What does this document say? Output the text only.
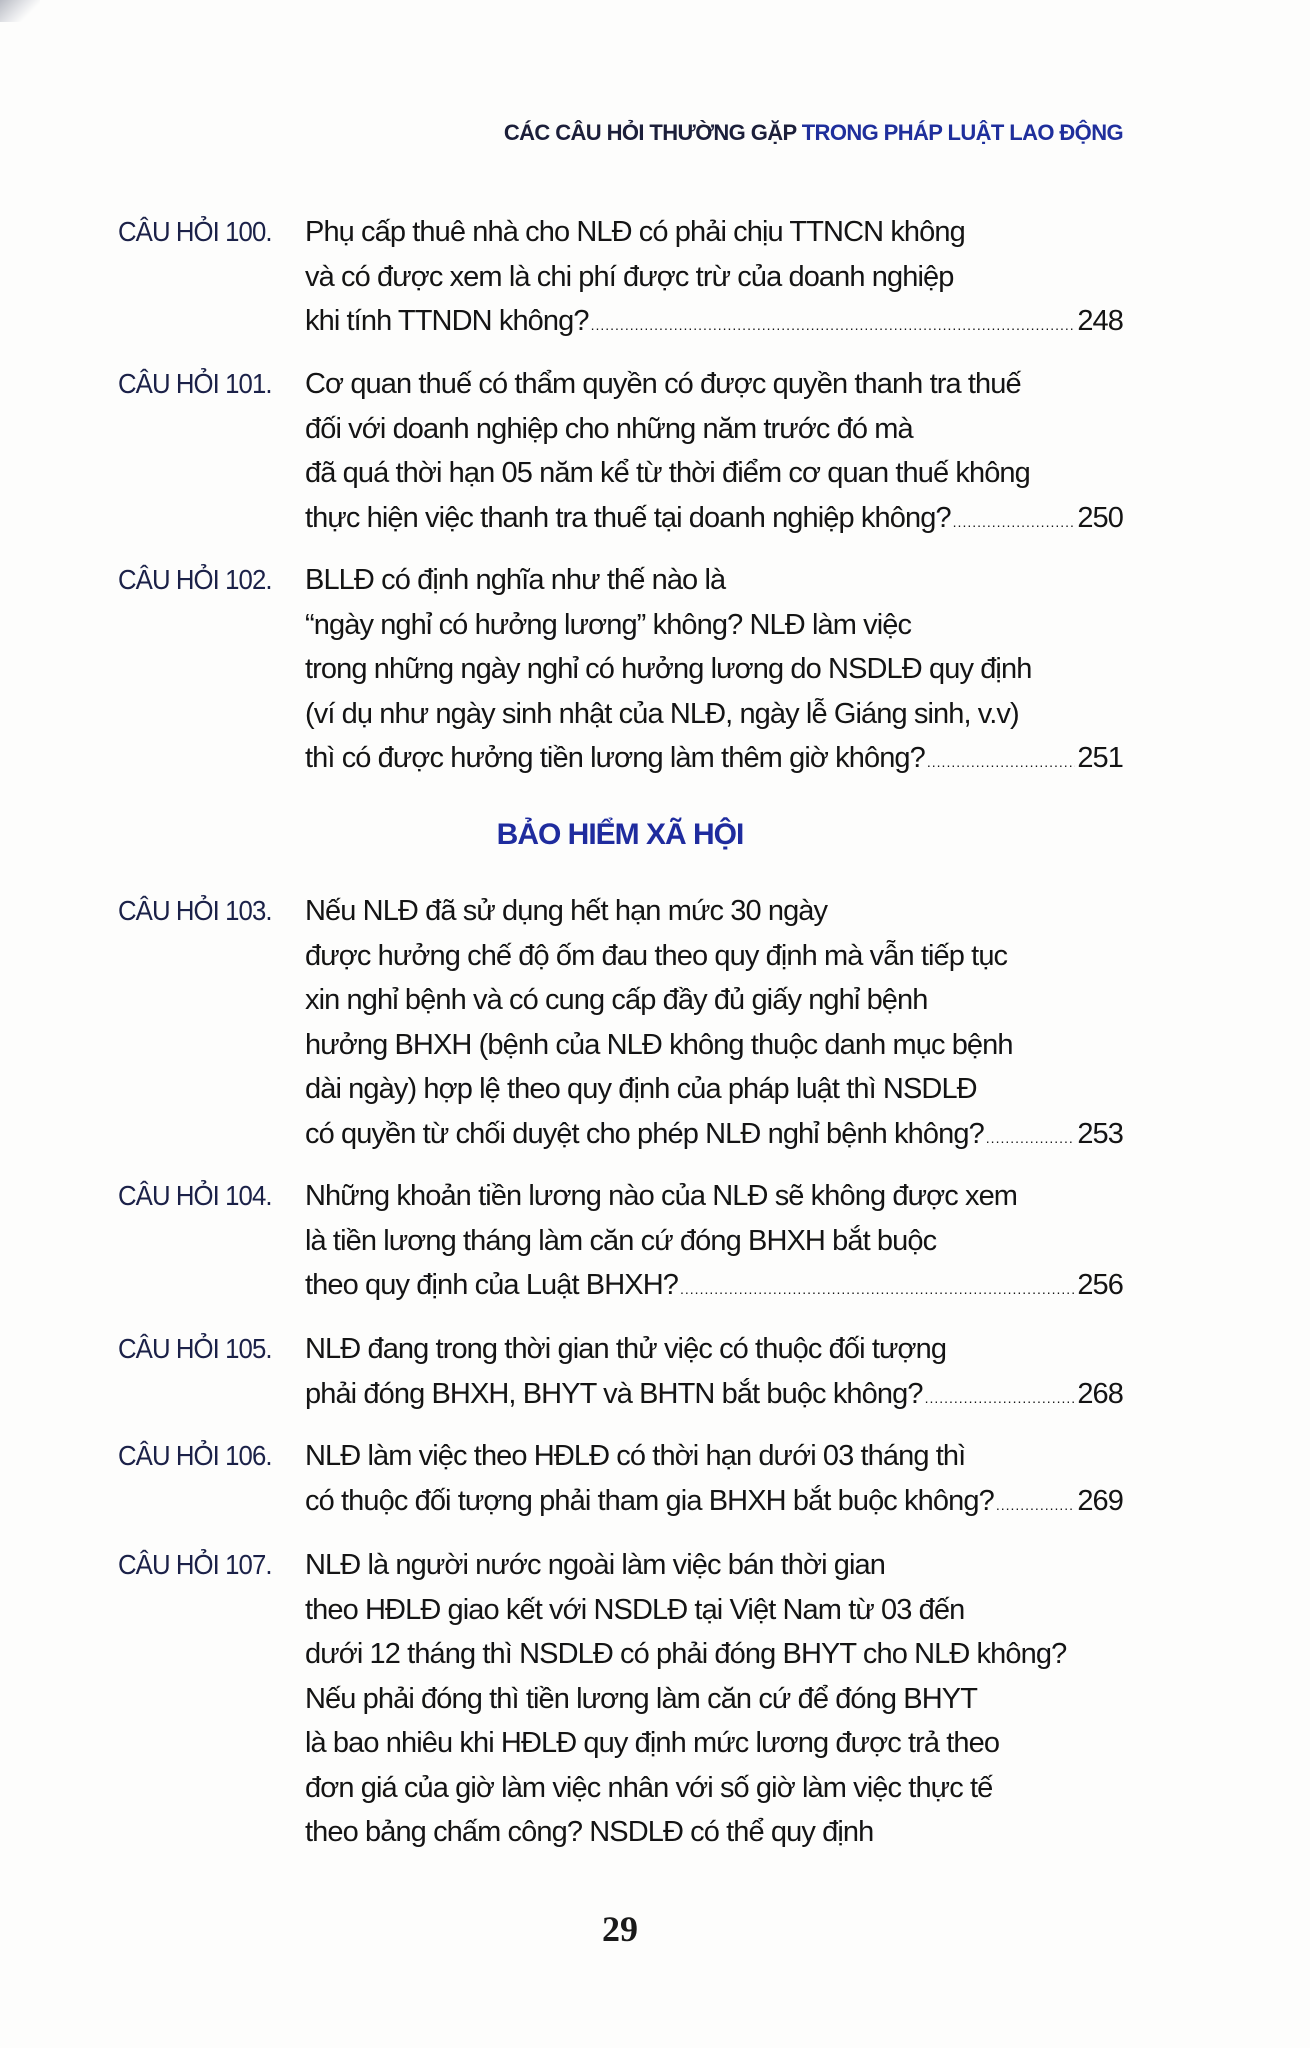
CÁC CÂU HỎI THƯỜNG GẶP TRONG PHÁP LUẬT LAO ĐỘNG
CÂU HỎI 100. Phụ cấp thuê nhà cho NLĐ có phải chịu TTNCN không
và có được xem là chi phí được trừ của doanh nghiệp
khi tính TTNDN không? .....	248
CÂU HỎI 101. Cơ quan thuế có thẩm quyền có được quyền thanh tra thuế
đối với doanh nghiệp cho những năm trước đó mà
đã quá thời hạn 05 năm kể từ thời điểm cơ quan thuế không
thực hiện việc thanh tra thuế tại doanh nghiệp không? .....	250
CÂU HỎI 102. BLLĐ có định nghĩa như thế nào là
“ngày nghỉ có hưởng lương” không? NLĐ làm việc
trong những ngày nghỉ có hưởng lương do NSDLĐ quy định
(ví dụ như ngày sinh nhật của NLĐ, ngày lễ Giáng sinh, v.v)
thì có được hưởng tiền lương làm thêm giờ không? .....	251
BẢO HIỂM XÃ HỘI
CÂU HỎI 103. Nếu NLĐ đã sử dụng hết hạn mức 30 ngày
được hưởng chế độ ốm đau theo quy định mà vẫn tiếp tục
xin nghỉ bệnh và có cung cấp đầy đủ giấy nghỉ bệnh
hưởng BHXH (bệnh của NLĐ không thuộc danh mục bệnh
dài ngày) hợp lệ theo quy định của pháp luật thì NSDLĐ
có quyền từ chối duyệt cho phép NLĐ nghỉ bệnh không? .....	253
CÂU HỎI 104. Những khoản tiền lương nào của NLĐ sẽ không được xem
là tiền lương tháng làm căn cứ đóng BHXH bắt buộc
theo quy định của Luật BHXH? .....	256
CÂU HỎI 105. NLĐ đang trong thời gian thử việc có thuộc đối tượng
phải đóng BHXH, BHYT và BHTN bắt buộc không? .....	268
CÂU HỎI 106. NLĐ làm việc theo HĐLĐ có thời hạn dưới 03 tháng thì
có thuộc đối tượng phải tham gia BHXH bắt buộc không? .....	269
CÂU HỎI 107. NLĐ là người nước ngoài làm việc bán thời gian
theo HĐLĐ giao kết với NSDLĐ tại Việt Nam từ 03 đến
dưới 12 tháng thì NSDLĐ có phải đóng BHYT cho NLĐ không?
Nếu phải đóng thì tiền lương làm căn cứ để đóng BHYT
là bao nhiêu khi HĐLĐ quy định mức lương được trả theo
đơn giá của giờ làm việc nhân với số giờ làm việc thực tế
theo bảng chấm công? NSDLĐ có thể quy định
29
